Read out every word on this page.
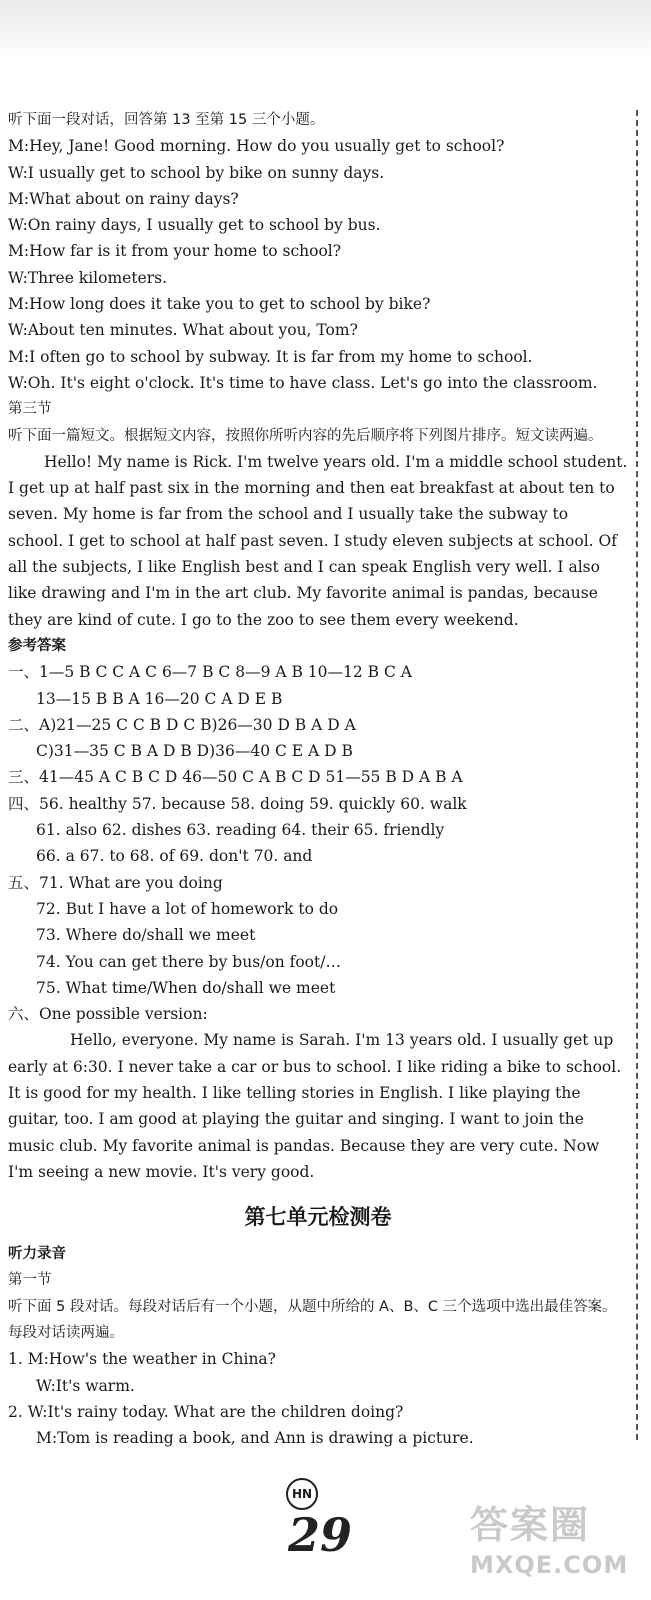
听下面一段对话，回答第 13 至第 15 三个小题。
M:Hey, Jane! Good morning. How do you usually get to school?
W:I usually get to school by bike on sunny days.
M:What about on rainy days?
W:On rainy days, I usually get to school by bus.
M:How far is it from your home to school?
W:Three kilometers.
M:How long does it take you to get to school by bike?
W:About ten minutes. What about you, Tom?
M:I often go to school by subway. It is far from my home to school.
W:Oh. It's eight o'clock. It's time to have class. Let's go into the classroom.
第三节
听下面一篇短文。根据短文内容，按照你所听内容的先后顺序将下列图片排序。短文读两遍。
Hello! My name is Rick. I'm twelve years old. I'm a middle school student. I get up at half past six in the morning and then eat breakfast at about ten to seven. My home is far from the school and I usually take the subway to school. I get to school at half past seven. I study eleven subjects at school. Of all the subjects, I like English best and I can speak English very well. I also like drawing and I'm in the art club. My favorite animal is pandas, because they are kind of cute. I go to the zoo to see them every weekend.
参考答案
一、1—5 B C C A C 6—7 B C 8—9 A B 10—12 B C A
13—15 B B A 16—20 C A D E B
二、A)21—25 C C B D C B)26—30 D B A D A
C)31—35 C B A D B D)36—40 C E A D B
三、41—45 A C B C D 46—50 C A B C D 51—55 B D A B A
四、56. healthy 57. because 58. doing 59. quickly 60. walk
61. also 62. dishes 63. reading 64. their 65. friendly
66. a 67. to 68. of 69. don't 70. and
五、71. What are you doing
72. But I have a lot of homework to do
73. Where do/shall we meet
74. You can get there by bus/on foot/…
75. What time/When do/shall we meet
六、One possible version:
Hello, everyone. My name is Sarah. I'm 13 years old. I usually get up early at 6:30. I never take a car or bus to school. I like riding a bike to school. It is good for my health. I like telling stories in English. I like playing the guitar, too. I am good at playing the guitar and singing. I want to join the music club. My favorite animal is pandas. Because they are very cute. Now I'm seeing a new movie. It's very good.
第七单元检测卷
听力录音
第一节
听下面 5 段对话。每段对话后有一个小题，从题中所给的 A、B、C 三个选项中选出最佳答案。每段对话读两遍。
1. M:How's the weather in China?
W:It's warm.
2. W:It's rainy today. What are the children doing?
M:Tom is reading a book, and Ann is drawing a picture.
HN
29	答案圈
MXQE.COM
